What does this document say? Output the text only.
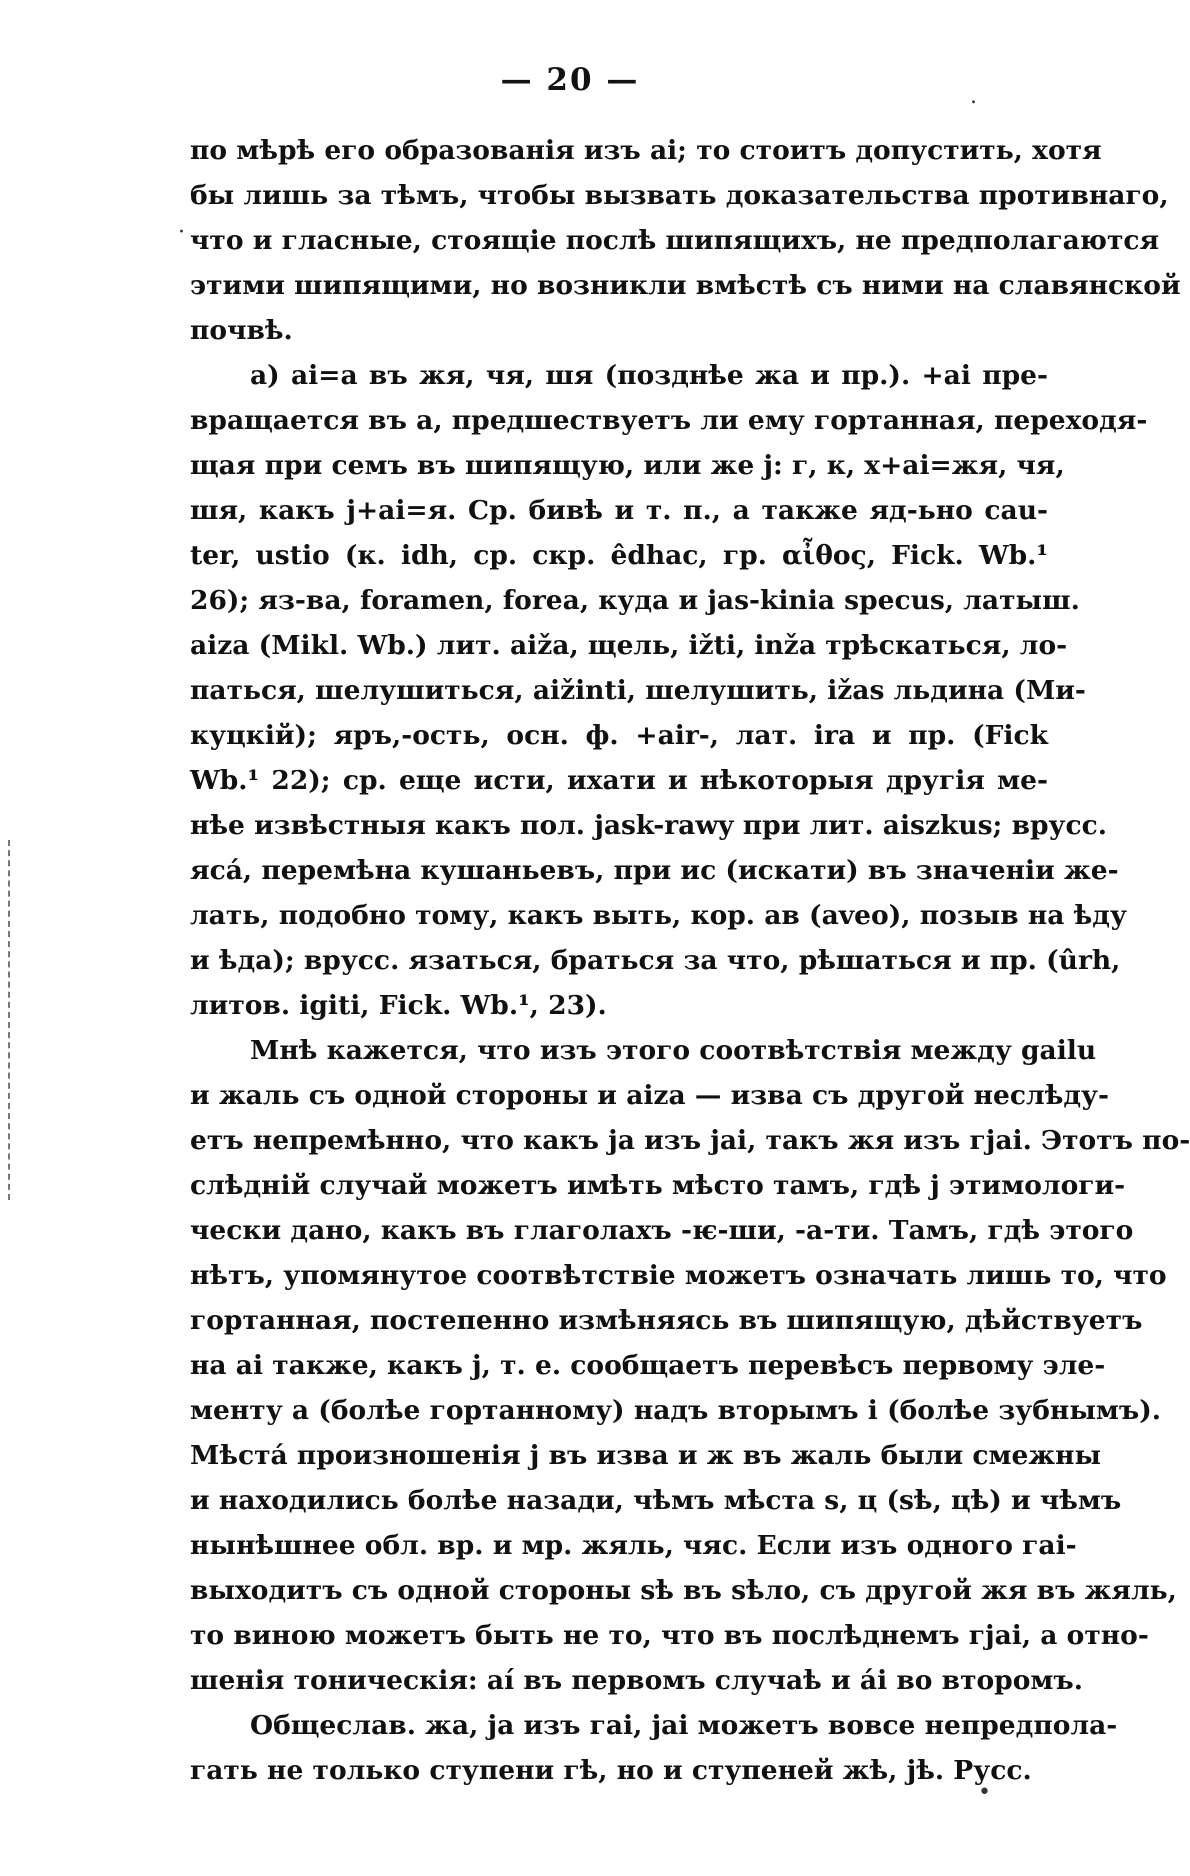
— 20 —
по мѣрѣ его образованія изъ ai; то стоитъ допустить, хотя
бы лишь за тѣмъ, чтобы вызвать доказательства противнаго,
что и гласные, стоящіе послѣ шипящихъ, не предполагаются
этими шипящими, но возникли вмѣстѣ съ ними на славянской
почвѣ.
а) ai=a въ жя, чя, шя (позднѣе жа и пр.). +ai пре-
вращается въ а, предшествуетъ ли ему гортанная, переходя-
щая при семъ въ шипящую, или же j: г, к, х+ai=жя, чя,
шя, какъ j+ai=я. Ср. бивѣ и т. п., а также яд-ьно cau-
ter, ustio (к. idh, ср. скр. êdhac, гр. αἶθος, Fick. Wb.¹
26); яз-ва, foramen, forea, куда и jas-kinia specus, латыш.
aiza (Mikl. Wb.) лит. aiža, щель, ižti, inža трѣскаться, ло-
паться, шелушиться, aižinti, шелушить, ižas льдина (Ми-
куцкій); яръ,-ость, осн. ф. +air-, лат. ira и пр. (Fick
Wb.¹ 22); ср. еще исти, ихати и нѣкоторыя другія ме-
нѣе извѣстныя какъ пол. jask-rawy при лит. aiszkus; вруcс.
яса́, перемѣна кушаньевъ, при ис (искати) въ значеніи же-
лать, подобно тому, какъ выть, кор. ав (aveo), позыв на ѣду
и ѣда); вруcс. язаться, браться за что, рѣшаться и пр. (ûrh,
литов. igiti, Fick. Wb.¹, 23).
Мнѣ кажется, что изъ этого соотвѣтствія между gailu
и жаль съ одной стороны и aiza — изва съ другой неслѣду-
етъ непремѣнно, что какъ ja изъ jai, такъ жя изъ гjai. Этотъ по-
слѣдній случай можетъ имѣть мѣсто тамъ, гдѣ j этимологи-
чески дано, какъ въ глаголахъ -ѥ-ши, -а-ти. Тамъ, гдѣ этого
нѣтъ, упомянутое соотвѣтствіе можетъ означать лишь то, что
гортанная, постепенно измѣняясь въ шипящую, дѣйствуетъ
на ai также, какъ j, т. е. сообщаетъ перевѣсъ первому эле-
менту а (болѣе гортанному) надъ вторымъ і (болѣе зубнымъ).
Мѣста́ произношенія j въ изва и ж въ жаль были смежны
и находились болѣе назади, чѣмъ мѣста s, ц (sѣ, цѣ) и чѣмъ
нынѣшнее обл. вр. и мр. жяль, чяс. Если изъ одного гаі-
выходитъ съ одной стороны sѣ въ sѣло, съ другой жя въ жяль,
то виною можетъ быть не то, что въ послѣднемъ гjai, а отно-
шенія тоническія: aí въ первомъ случаѣ и ái во второмъ.
Общеслав. жа, ja изъ гаі, jai можетъ вовсе непредпола-
гать не только ступени гѣ, но и ступеней жѣ, jѣ. Русс.
.
·
•
